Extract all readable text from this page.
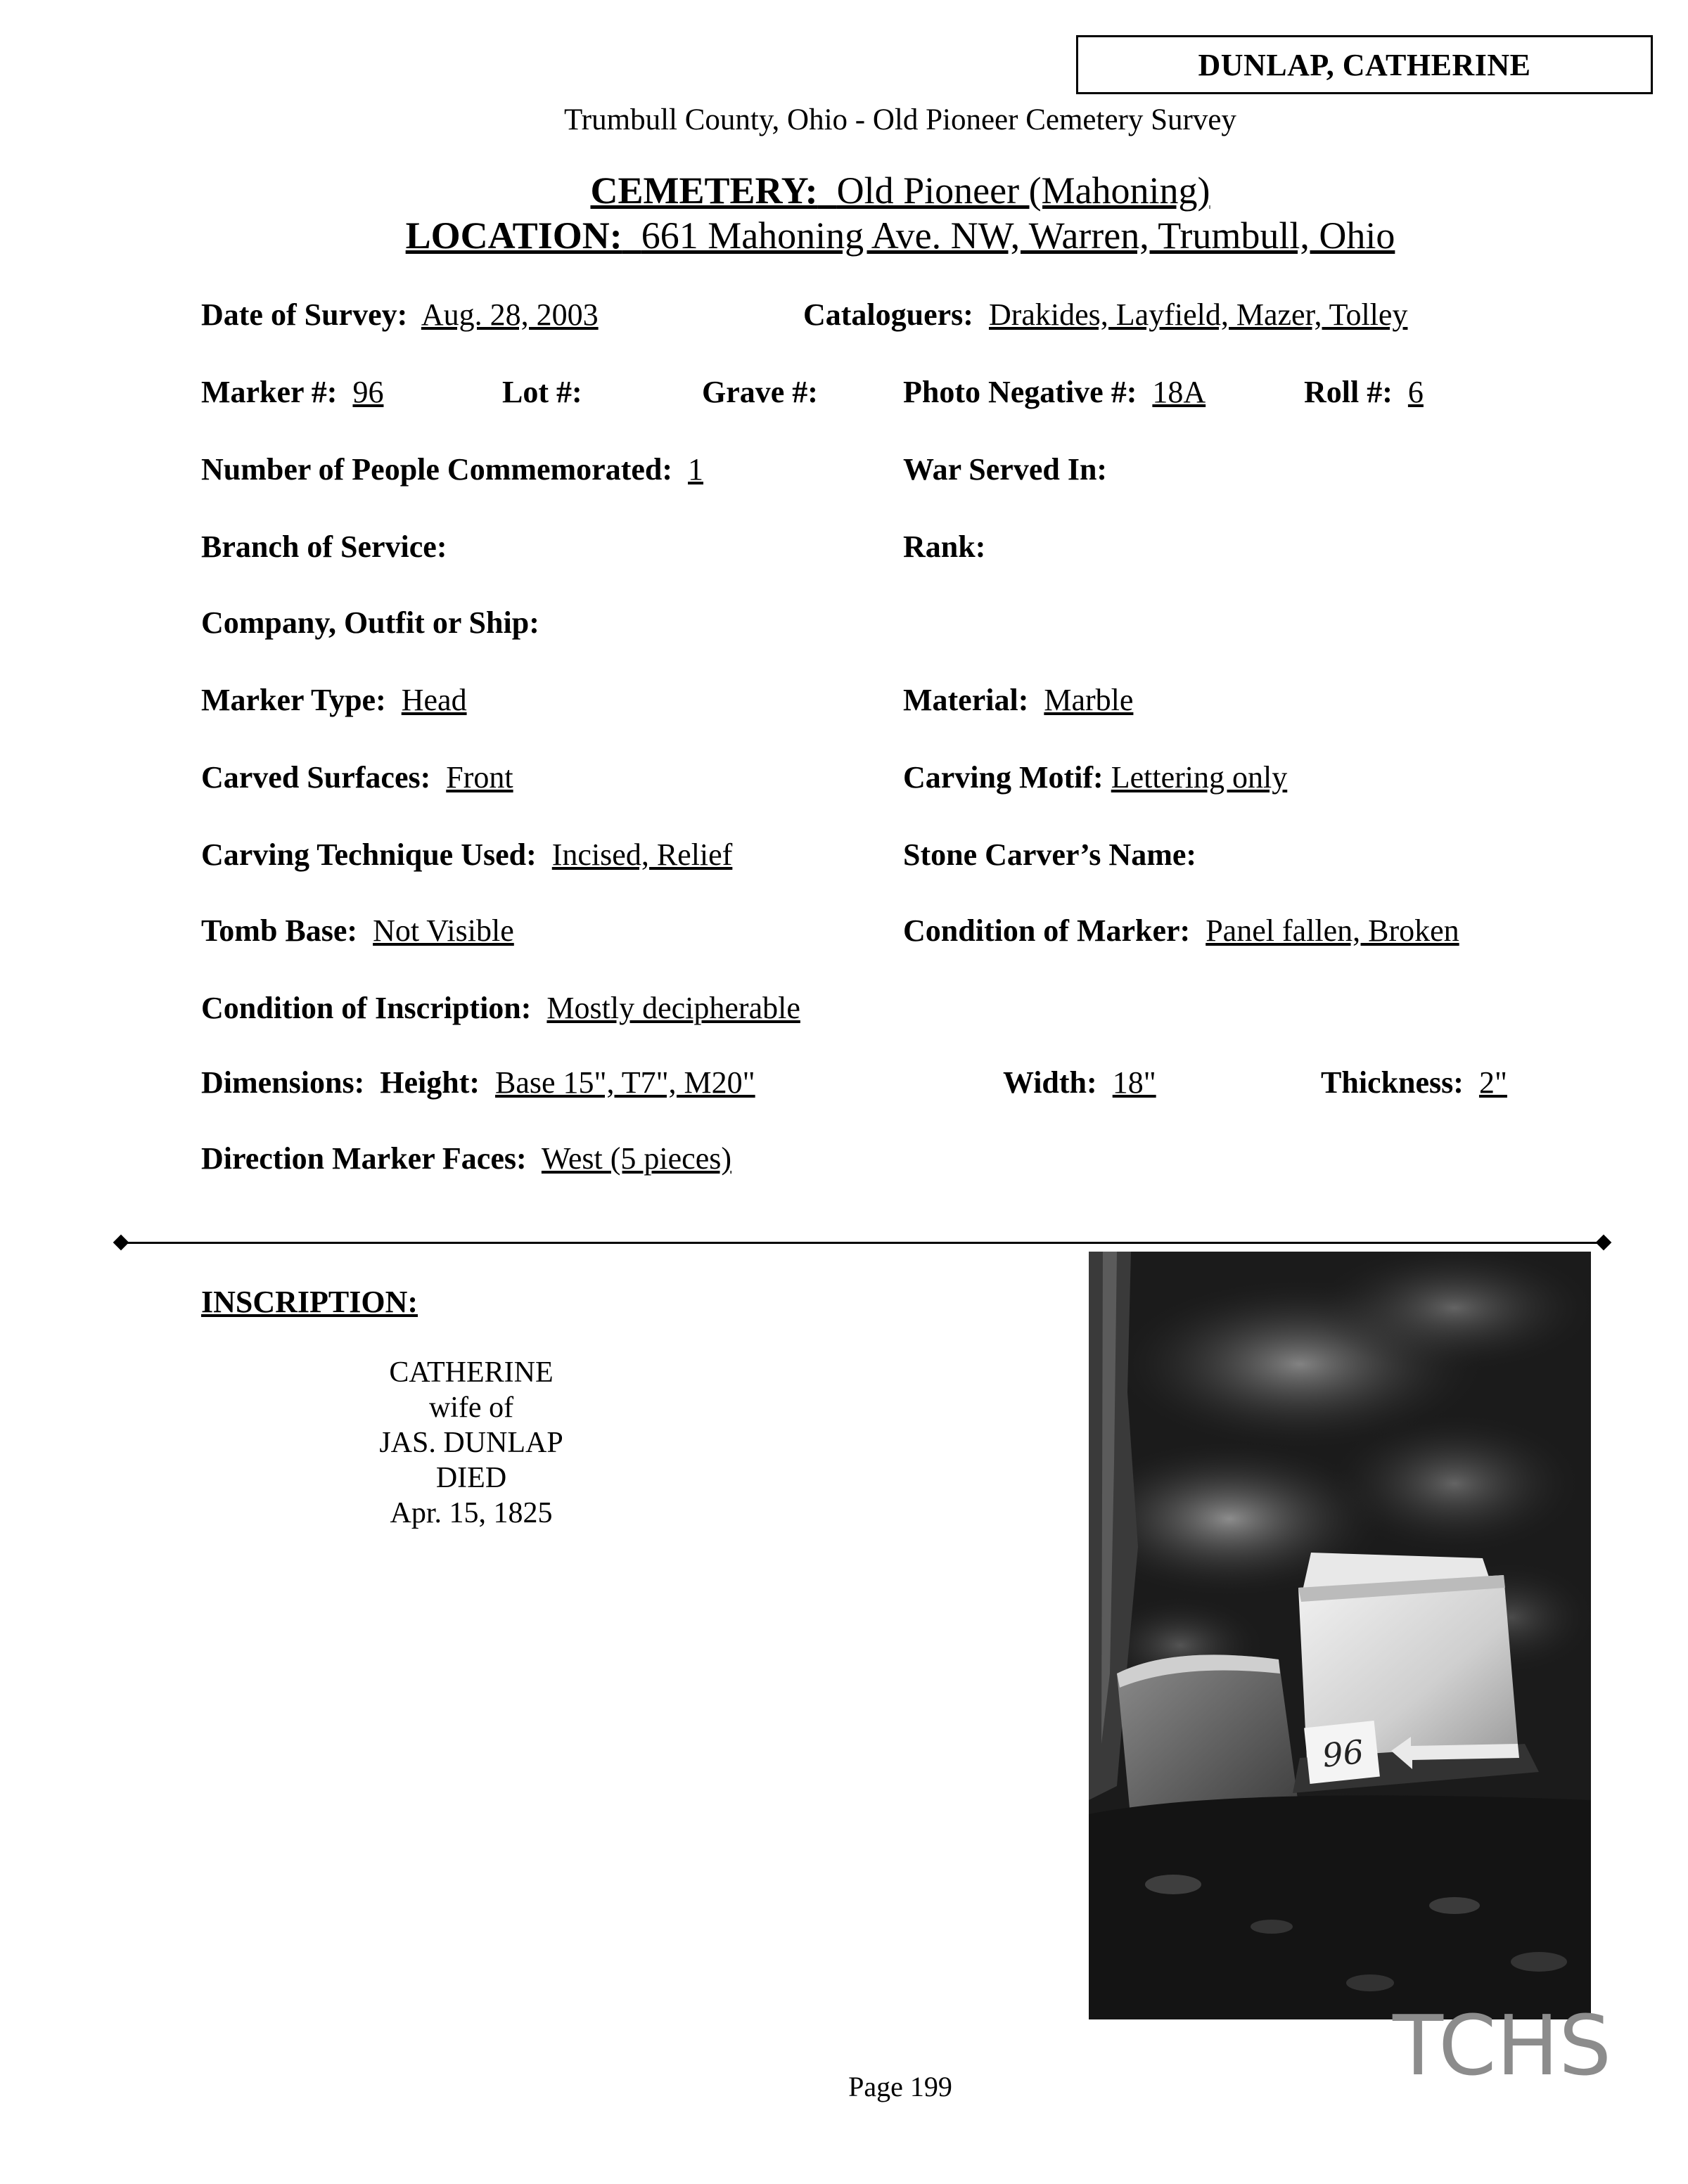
DUNLAP, CATHERINE
Trumbull County, Ohio - Old Pioneer Cemetery Survey
CEMETERY: Old Pioneer (Mahoning)
LOCATION: 661 Mahoning Ave. NW, Warren, Trumbull, Ohio
Date of Survey: Aug. 28, 2003	Cataloguers: Drakides, Layfield, Mazer, Tolley
Marker #: 96	Lot #:	Grave #:	Photo Negative #: 18A	Roll #: 6
Number of People Commemorated: 1	War Served In:
Branch of Service:	Rank:
Company, Outfit or Ship:
Marker Type: Head	Material: Marble
Carved Surfaces: Front	Carving Motif: Lettering only
Carving Technique Used: Incised, Relief	Stone Carver’s Name:
Tomb Base: Not Visible	Condition of Marker: Panel fallen, Broken
Condition of Inscription: Mostly decipherable
Dimensions: Height: Base 15", T7", M20"	Width: 18"	Thickness: 2"
Direction Marker Faces: West (5 pieces)
INSCRIPTION:
CATHERINE
wife of
JAS. DUNLAP
DIED
Apr. 15, 1825
96
TCHS
Page 199
